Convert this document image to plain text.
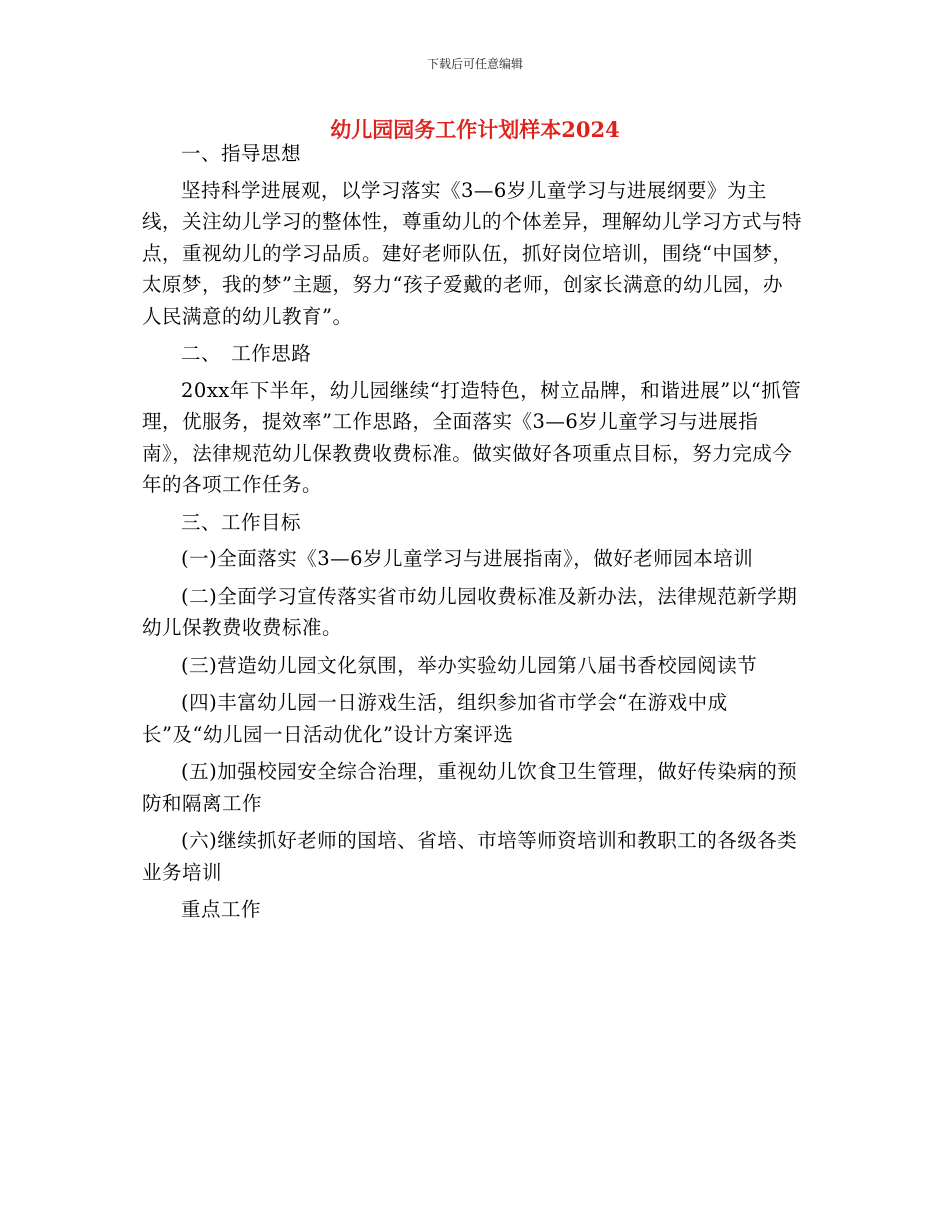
下载后可任意编辑
幼儿园园务工作计划样本2024

一、指导思想

坚持科学进展观，以学习落实《3—6岁儿童学习与进展纲要》为主线，关注幼儿学习的整体性，尊重幼儿的个体差异，理解幼儿学习方式与特点，重视幼儿的学习品质。建好老师队伍，抓好岗位培训，围绕“中国梦，太原梦，我的梦”主题，努力“孩子爱戴的老师，创家长满意的幼儿园，办人民满意的幼儿教育”。

二、　工作思路

20xx年下半年，幼儿园继续“打造特色，树立品牌，和谐进展”以“抓管理，优服务，提效率”工作思路，全面落实《3—6岁儿童学习与进展指南》，法律规范幼儿保教费收费标准。做实做好各项重点目标，努力完成今年的各项工作任务。

三、工作目标

(一)全面落实《3—6岁儿童学习与进展指南》，做好老师园本培训

(二)全面学习宣传落实省市幼儿园收费标准及新办法，法律规范新学期幼儿保教费收费标准。

(三)营造幼儿园文化氛围，举办实验幼儿园第八届书香校园阅读节

(四)丰富幼儿园一日游戏生活，组织参加省市学会“在游戏中成长”及“幼儿园一日活动优化”设计方案评选

(五)加强校园安全综合治理，重视幼儿饮食卫生管理，做好传染病的预防和隔离工作

(六)继续抓好老师的国培、省培、市培等师资培训和教职工的各级各类业务培训

重点工作
